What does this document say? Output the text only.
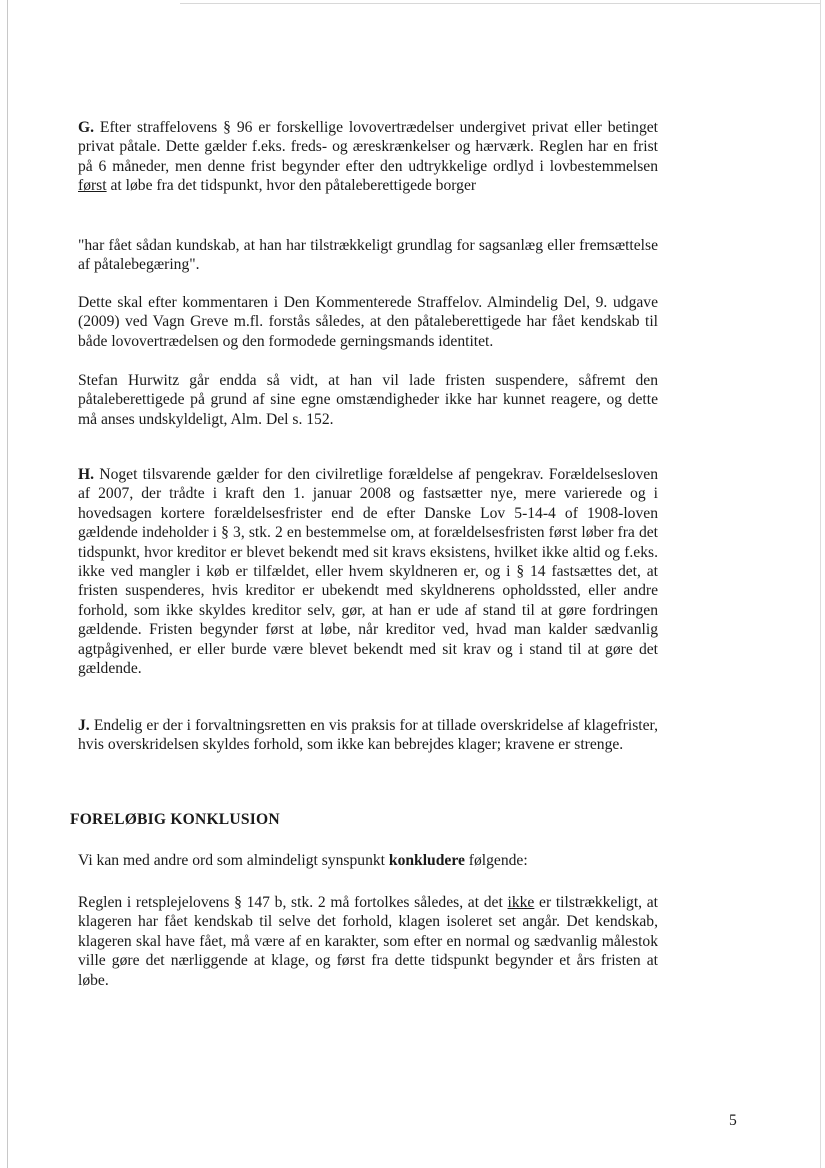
G. Efter straffelovens § 96 er forskellige lovovertrædelser undergivet privat eller betinget privat påtale. Dette gælder f.eks. freds- og æreskrænkelser og hærværk. Reglen har en frist på 6 måneder, men denne frist begynder efter den udtrykkelige ordlyd i lovbestemmelsen først at løbe fra det tidspunkt, hvor den påtaleberettigede borger

"har fået sådan kundskab, at han har tilstrækkeligt grundlag for sagsanlæg eller fremsættelse af påtalebegæring".

Dette skal efter kommentaren i Den Kommenterede Straffelov. Almindelig Del, 9. udgave (2009) ved Vagn Greve m.fl. forstås således, at den påtaleberettigede har fået kendskab til både lovovertrædelsen og den formodede gerningsmands identitet.

Stefan Hurwitz går endda så vidt, at han vil lade fristen suspendere, såfremt den påtaleberettigede på grund af sine egne omstændigheder ikke har kunnet reagere, og dette må anses undskyldeligt, Alm. Del s. 152.

H. Noget tilsvarende gælder for den civilretlige forældelse af pengekrav. Forældelsesloven af 2007, der trådte i kraft den 1. januar 2008 og fastsætter nye, mere varierede og i hovedsagen kortere forældelsesfrister end de efter Danske Lov 5-14-4 of 1908-loven gældende indeholder i § 3, stk. 2 en bestemmelse om, at forældelsesfristen først løber fra det tidspunkt, hvor kreditor er blevet bekendt med sit kravs eksistens, hvilket ikke altid og f.eks. ikke ved mangler i køb er tilfældet, eller hvem skyldneren er, og i § 14 fastsættes det, at fristen suspenderes, hvis kreditor er ubekendt med skyldnerens opholdssted, eller andre forhold, som ikke skyldes kreditor selv, gør, at han er ude af stand til at gøre fordringen gældende. Fristen begynder først at løbe, når kreditor ved, hvad man kalder sædvanlig agtpågivenhed, er eller burde være blevet bekendt med sit krav og i stand til at gøre det gældende.

J. Endelig er der i forvaltningsretten en vis praksis for at tillade overskridelse af klagefrister, hvis overskridelsen skyldes forhold, som ikke kan bebrejdes klager; kravene er strenge.

FORELØBIG KONKLUSION

Vi kan med andre ord som almindeligt synspunkt konkludere følgende:

Reglen i retsplejelovens § 147 b, stk. 2 må fortolkes således, at det ikke er tilstrækkeligt, at klageren har fået kendskab til selve det forhold, klagen isoleret set angår. Det kendskab, klageren skal have fået, må være af en karakter, som efter en normal og sædvanlig målestok ville gøre det nærliggende at klage, og først fra dette tidspunkt begynder et års fristen at løbe.

5
